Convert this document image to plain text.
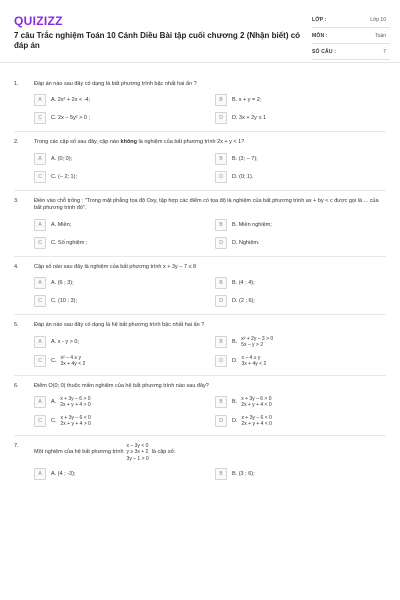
QUIZIZZ
7 câu Trắc nghiệm Toán 10 Cánh Diều Bài tập cuối chương 2 (Nhận biết) có đáp án
LỚP :	Lớp 10
MÔN :	Toán
SỐ CÂU :	7
1.	Đáp án nào sau đây có dạng là bất phương trình bậc nhất hai ẩn ?
A	A. 2x² + 2x < -4;	B	B. x + y = 2;
C	C. 2x – 5y² > 0 ;	D	D. 3x + 2y ≤ 1
2.	Trong các cặp số sau đây, cặp nào không là nghiệm của bất phương trình 2x + y < 1?
A	A. (0; 0);	B	B. (3; – 7);
C	C. (– 2; 1);	D	D. (0; 1).
3.	Điền vào chỗ trống : "Trong mặt phẳng tọa độ Oxy, tập hợp các điểm có tọa độ là nghiệm của bất phương trình ax + by < c được gọi là ... của bất phương trình đó".
A	A. Miền;	B	B. Miền nghiệm;
C	C. Số nghiệm ;	D	D. Nghiệm.
4.	Cặp số nào sau đây là nghiệm của bất phương trình x + 3y – 7 ≤ 8
A	A. (6 ; 3);	B	B. (4 ; 4);
C	C. (10 ; 3);	D	D. (2 ; 6);
5.	Đáp án nào sau đây có dạng là hệ bất phương trình bậc nhất hai ẩn ?
A	A. x - y > 0;	B	B.
x² + 2y – 3 > 0
5x – y > 2
C	C.
x² – 4 ≥ y
3x + 4y < 2	D	D.
x – 4 ≥ y
3x + 4y < 2
6.	Điểm O(0; 0) thuộc miền nghiệm của hệ bất phương trình nào sau đây?
A	A.
x + 3y – 6 > 0
2x + y + 4 > 0	B	B.
x + 3y – 6 > 0
2x + y + 4 < 0
C	C.
x + 3y – 6 < 0
2x + y + 4 > 0	D	D.
x + 3y – 6 < 0
2x + y + 4 < 0
7.
Một nghiệm của hệ bất phương trình
x – 3y < 0
y ≥ 3x + 2
3y – 1 > 0
là cặp số:
A	A. (4 ; -3);	B	B. (3 ; 6);
